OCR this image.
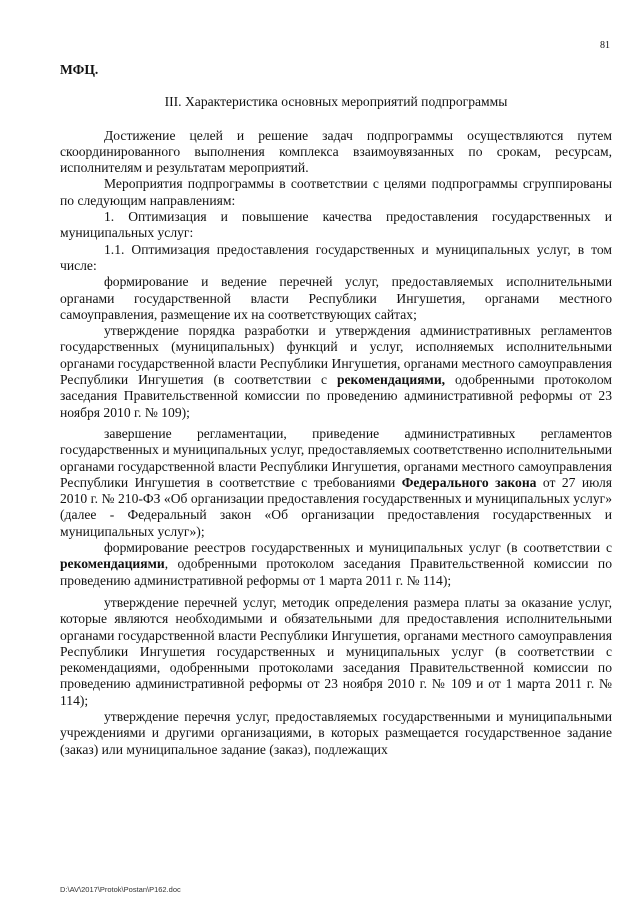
81

МФЦ.

III. Характеристика основных мероприятий подпрограммы

Достижение целей и решение задач подпрограммы осуществляются путем скоординированного выполнения комплекса взаимоувязанных по срокам, ресурсам, исполнителям и результатам мероприятий.

Мероприятия подпрограммы в соответствии с целями подпрограммы сгруппированы по следующим направлениям:

1. Оптимизация и повышение качества предоставления государственных и муниципальных услуг:

1.1. Оптимизация предоставления государственных и муниципальных услуг, в том числе:

формирование и ведение перечней услуг, предоставляемых исполнительными органами государственной власти Республики Ингушетия, органами местного самоуправления, размещение их на соответствующих сайтах;

утверждение порядка разработки и утверждения административных регламентов государственных (муниципальных) функций и услуг, исполняемых исполнительными органами государственной власти Республики Ингушетия, органами местного самоуправления Республики Ингушетия (в соответствии с рекомендациями, одобренными протоколом заседания Правительственной комиссии по проведению административной реформы от 23 ноября 2010 г. № 109);

завершение регламентации, приведение административных регламентов государственных и муниципальных услуг, предоставляемых соответственно исполнительными органами государственной власти Республики Ингушетия, органами местного самоуправления Республики Ингушетия в соответствие с требованиями Федерального закона от 27 июля 2010 г. № 210-ФЗ «Об организации предоставления государственных и муниципальных услуг» (далее - Федеральный закон «Об организации предоставления государственных и муниципальных услуг»);

формирование реестров государственных и муниципальных услуг (в соответствии с рекомендациями, одобренными протоколом заседания Правительственной комиссии по проведению административной реформы от 1 марта 2011 г. № 114);

утверждение перечней услуг, методик определения размера платы за оказание услуг, которые являются необходимыми и обязательными для предоставления исполнительными органами государственной власти Республики Ингушетия, органами местного самоуправления Республики Ингушетия государственных и муниципальных услуг (в соответствии с рекомендациями, одобренными протоколами заседания Правительственной комиссии по проведению административной реформы от 23 ноября 2010 г. № 109 и от 1 марта 2011 г. № 114);

утверждение перечня услуг, предоставляемых государственными и муниципальными учреждениями и другими организациями, в которых размещается государственное задание (заказ) или муниципальное задание (заказ), подлежащих

D:\AV\2017\Protok\Postan\P162.doc
